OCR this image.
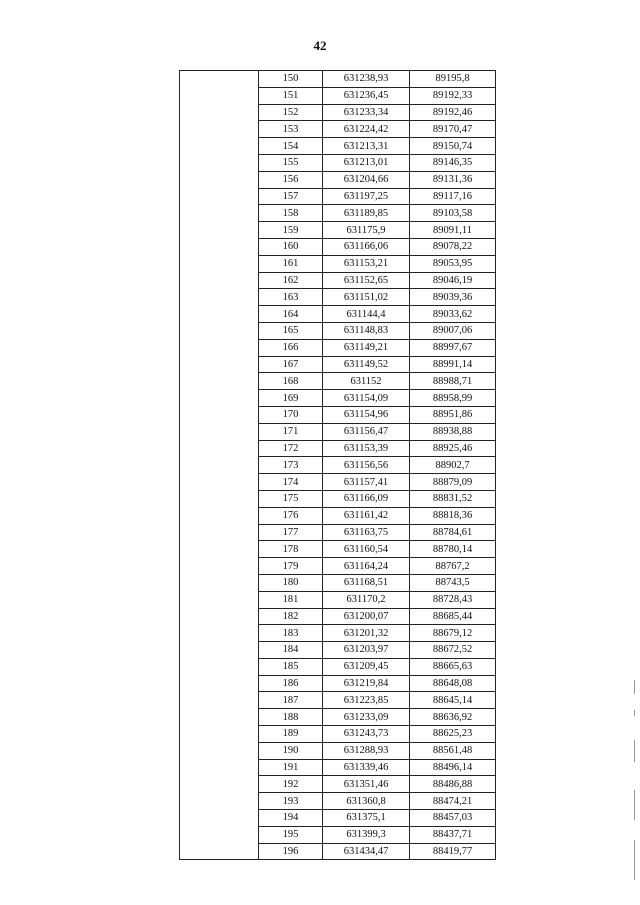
42
	150	631238,93	89195,8
	151	631236,45	89192,33
	152	631233,34	89192,46
	153	631224,42	89170,47
	154	631213,31	89150,74
	155	631213,01	89146,35
	156	631204,66	89131,36
	157	631197,25	89117,16
	158	631189,85	89103,58
	159	631175,9	89091,11
	160	631166,06	89078,22
	161	631153,21	89053,95
	162	631152,65	89046,19
	163	631151,02	89039,36
	164	631144,4	89033,62
	165	631148,83	89007,06
	166	631149,21	88997,67
	167	631149,52	88991,14
	168	631152	88988,71
	169	631154,09	88958,99
	170	631154,96	88951,86
	171	631156,47	88938,88
	172	631153,39	88925,46
	173	631156,56	88902,7
	174	631157,41	88879,09
	175	631166,09	88831,52
	176	631161,42	88818,36
	177	631163,75	88784,61
	178	631160,54	88780,14
	179	631164,24	88767,2
	180	631168,51	88743,5
	181	631170,2	88728,43
	182	631200,07	88685,44
	183	631201,32	88679,12
	184	631203,97	88672,52
	185	631209,45	88665,63
	186	631219,84	88648,08
	187	631223,85	88645,14
	188	631233,09	88636,92
	189	631243,73	88625,23
	190	631288,93	88561,48
	191	631339,46	88496,14
	192	631351,46	88486,88
	193	631360,8	88474,21
	194	631375,1	88457,03
	195	631399,3	88437,71
	196	631434,47	88419,77
